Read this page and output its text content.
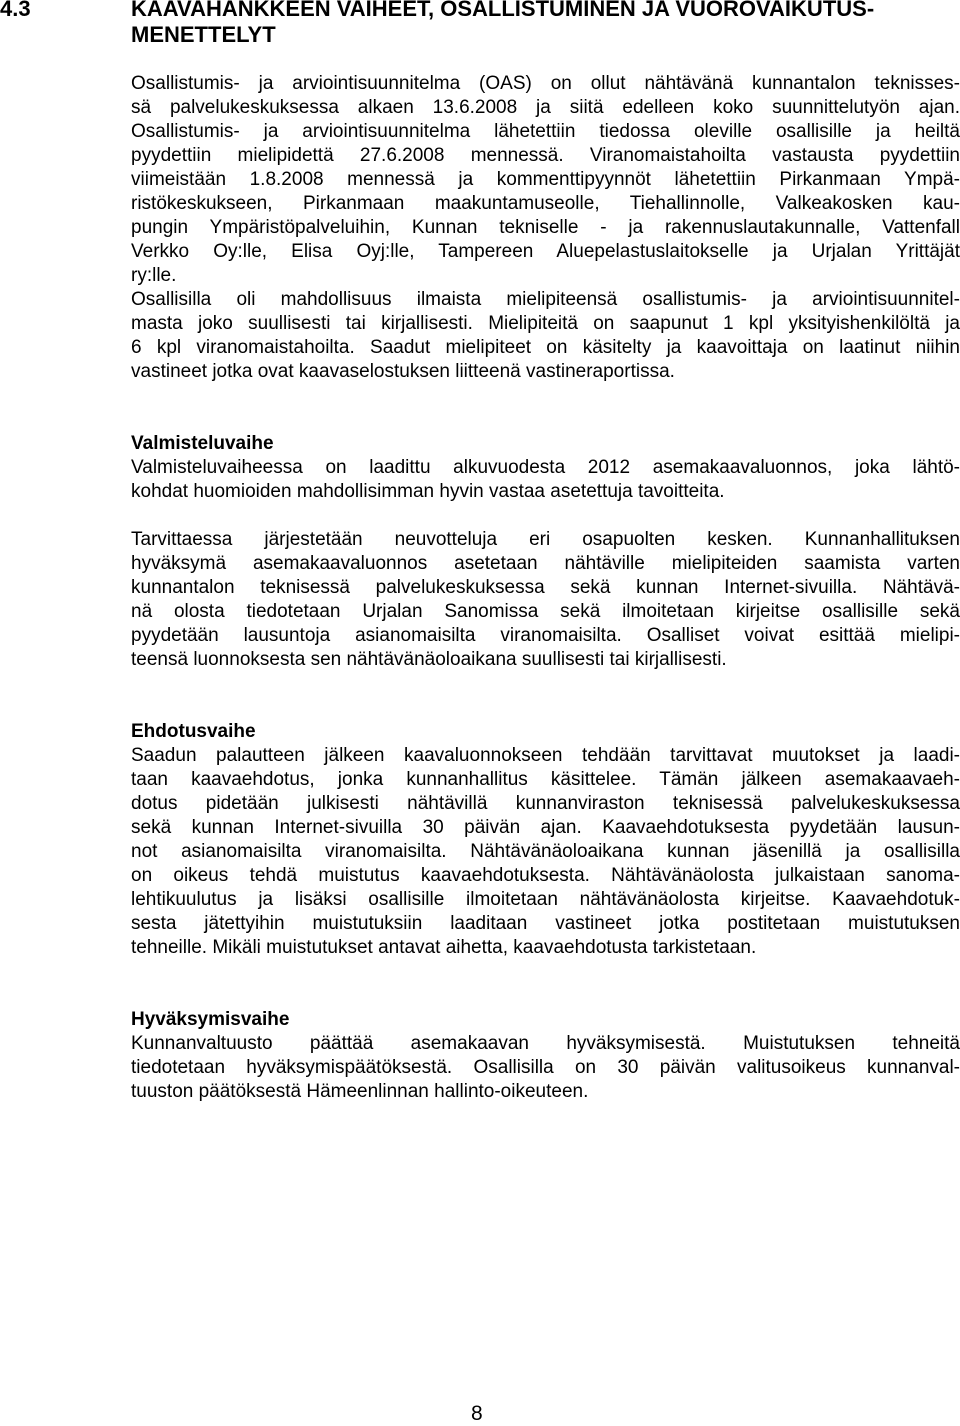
4.3	KAAVAHANKKEEN VAIHEET, OSALLISTUMINEN JA VUOROVAIKUTUS-MENETTELYT

Osallistumis- ja arviointisuunnitelma (OAS) on ollut nähtävänä kunnantalon teknisses-
sä palvelukeskuksessa alkaen 13.6.2008 ja siitä edelleen koko suunnittelutyön ajan.
Osallistumis- ja arviointisuunnitelma lähetettiin tiedossa oleville osallisille ja heiltä
pyydettiin mielipidettä 27.6.2008 mennessä. Viranomaistahoilta vastausta pyydettiin
viimeistään 1.8.2008 mennessä ja kommenttipyynnöt lähetettiin Pirkanmaan Ympä-
ristökeskukseen, Pirkanmaan maakuntamuseolle, Tiehallinnolle, Valkeakosken kau-
pungin Ympäristöpalveluihin, Kunnan tekniselle - ja rakennuslautakunnalle, Vattenfall
Verkko Oy:lle, Elisa Oyj:lle, Tampereen Aluepelastuslaitokselle ja Urjalan Yrittäjät
ry:lle.
Osallisilla oli mahdollisuus ilmaista mielipiteensä osallistumis- ja arviointisuunnitel-
masta joko suullisesti tai kirjallisesti. Mielipiteitä on saapunut 1 kpl yksityishenkilöltä ja
6 kpl viranomaistahoilta. Saadut mielipiteet on käsitelty ja kaavoittaja on laatinut niihin
vastineet jotka ovat kaavaselostuksen liitteenä vastineraportissa.

Valmisteluvaihe

Valmisteluvaiheessa on laadittu alkuvuodesta 2012 asemakaavaluonnos, joka lähtö-
kohdat huomioiden mahdollisimman hyvin vastaa asetettuja tavoitteita.

Tarvittaessa järjestetään neuvotteluja eri osapuolten kesken. Kunnanhallituksen
hyväksymä asemakaavaluonnos asetetaan nähtäville mielipiteiden saamista varten
kunnantalon teknisessä palvelukeskuksessa sekä kunnan Internet-sivuilla. Nähtävä-
nä olosta tiedotetaan Urjalan Sanomissa sekä ilmoitetaan kirjeitse osallisille sekä
pyydetään lausuntoja asianomaisilta viranomaisilta. Osalliset voivat esittää mielipi-
teensä luonnoksesta sen nähtävänäoloaikana suullisesti tai kirjallisesti.

Ehdotusvaihe

Saadun palautteen jälkeen kaavaluonnokseen tehdään tarvittavat muutokset ja laadi-
taan kaavaehdotus, jonka kunnanhallitus käsittelee. Tämän jälkeen asemakaavaeh-
dotus pidetään julkisesti nähtävillä kunnanviraston teknisessä palvelukeskuksessa
sekä kunnan Internet-sivuilla 30 päivän ajan. Kaavaehdotuksesta pyydetään lausun-
not asianomaisilta viranomaisilta. Nähtävänäoloaikana kunnan jäsenillä ja osallisilla
on oikeus tehdä muistutus kaavaehdotuksesta. Nähtävänäolosta julkaistaan sanoma-
lehtikuulutus ja lisäksi osallisille ilmoitetaan nähtävänäolosta kirjeitse. Kaavaehdotuk-
sesta jätettyihin muistutuksiin laaditaan vastineet jotka postitetaan muistutuksen
tehneille. Mikäli muistutukset antavat aihetta, kaavaehdotusta tarkistetaan.

Hyväksymisvaihe

Kunnanvaltuusto päättää asemakaavan hyväksymisestä. Muistutuksen tehneitä
tiedotetaan hyväksymispäätöksestä. Osallisilla on 30 päivän valitusoikeus kunnanval-
tuuston päätöksestä Hämeenlinnan hallinto-oikeuteen.

8
